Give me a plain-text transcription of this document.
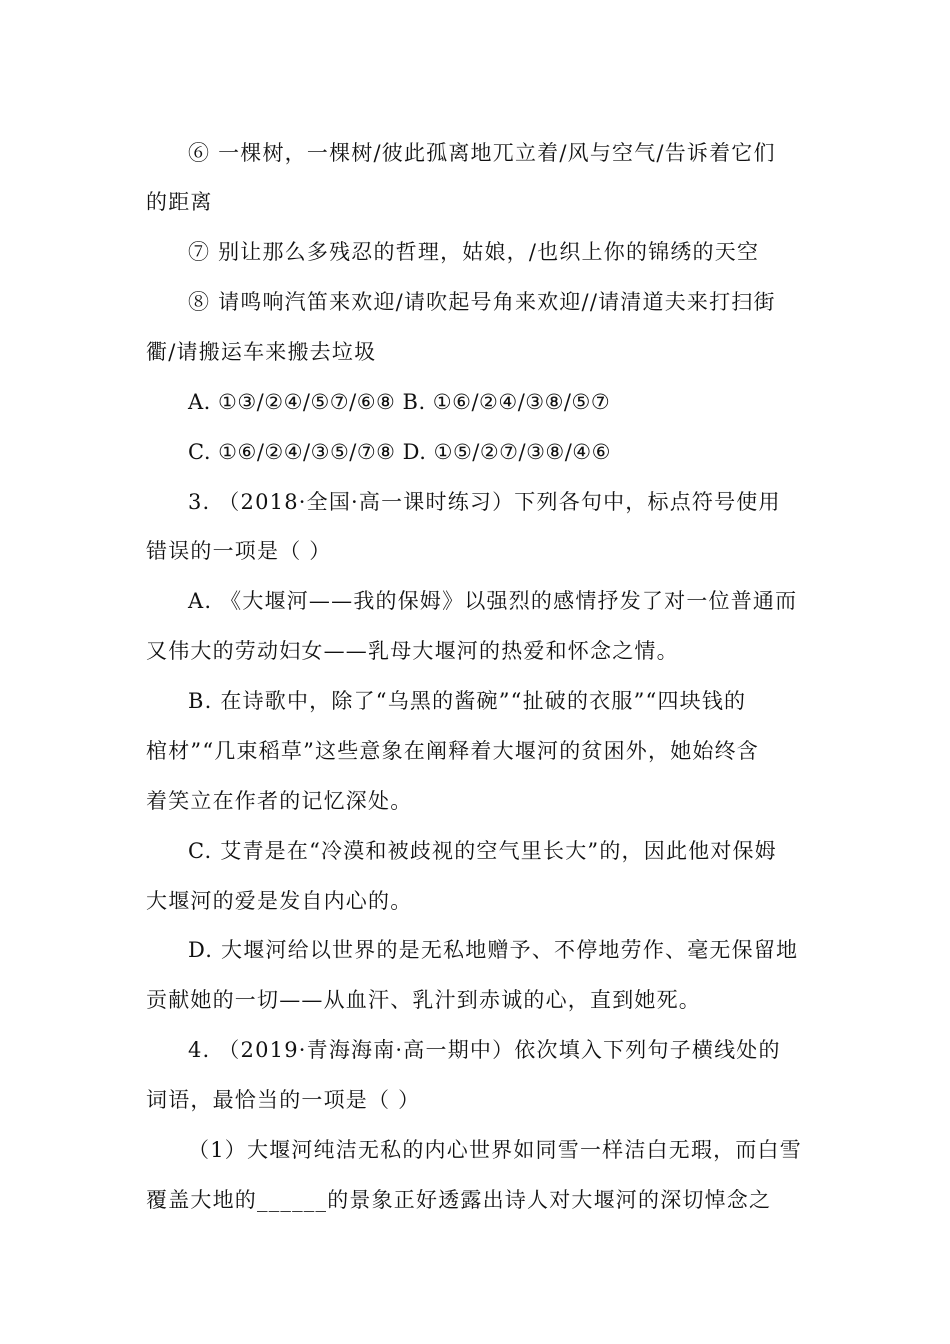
⑥ 一棵树，一棵树/彼此孤离地兀立着/风与空气/告诉着它们
的距离
⑦ 别让那么多残忍的哲理，姑娘，/也织上你的锦绣的天空
⑧ 请鸣响汽笛来欢迎/请吹起号角来欢迎//请清道夫来打扫街
衢/请搬运车来搬去垃圾
A. ①③/②④/⑤⑦/⑥⑧ B. ①⑥/②④/③⑧/⑤⑦
C. ①⑥/②④/③⑤/⑦⑧ D. ①⑤/②⑦/③⑧/④⑥
3. （2018·全国·高一课时练习）下列各句中，标点符号使用
错误的一项是（ ）
A. 《大堰河——我的保姆》以强烈的感情抒发了对一位普通而
又伟大的劳动妇女——乳母大堰河的热爱和怀念之情。
B. 在诗歌中，除了“乌黑的酱碗”“扯破的衣服”“四块钱的
棺材”“几束稻草”这些意象在阐释着大堰河的贫困外，她始终含
着笑立在作者的记忆深处。
C. 艾青是在“冷漠和被歧视的空气里长大”的，因此他对保姆
大堰河的爱是发自内心的。
D. 大堰河给以世界的是无私地赠予、不停地劳作、毫无保留地
贡献她的一切——从血汗、乳汁到赤诚的心，直到她死。
4. （2019·青海海南·高一期中）依次填入下列句子横线处的
词语，最恰当的一项是（ ）
（1）大堰河纯洁无私的内心世界如同雪一样洁白无瑕，而白雪
覆盖大地的______的景象正好透露出诗人对大堰河的深切悼念之
